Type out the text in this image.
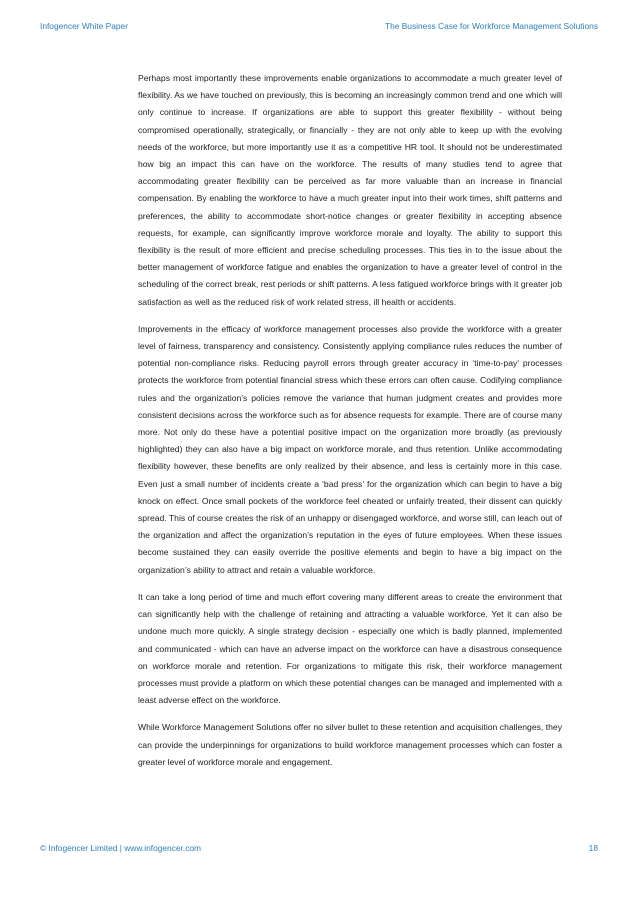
Infogencer White Paper	The Business Case for Workforce Management Solutions

Perhaps most importantly these improvements enable organizations to accommodate a much greater level of flexibility. As we have touched on previously, this is becoming an increasingly common trend and one which will only continue to increase. If organizations are able to support this greater flexibility - without being compromised operationally, strategically, or financially - they are not only able to keep up with the evolving needs of the workforce, but more importantly use it as a competitive HR tool. It should not be underestimated how big an impact this can have on the workforce. The results of many studies tend to agree that accommodating greater flexibility can be perceived as far more valuable than an increase in financial compensation. By enabling the workforce to have a much greater input into their work times, shift patterns and preferences, the ability to accommodate short-notice changes or greater flexibility in accepting absence requests, for example, can significantly improve workforce morale and loyalty. The ability to support this flexibility is the result of more efficient and precise scheduling processes. This ties in to the issue about the better management of workforce fatigue and enables the organization to have a greater level of control in the scheduling of the correct break, rest periods or shift patterns. A less fatigued workforce brings with it greater job satisfaction as well as the reduced risk of work related stress, ill health or accidents.

Improvements in the efficacy of workforce management processes also provide the workforce with a greater level of fairness, transparency and consistency. Consistently applying compliance rules reduces the number of potential non-compliance risks. Reducing payroll errors through greater accuracy in ‘time-to-pay’ processes protects the workforce from potential financial stress which these errors can often cause. Codifying compliance rules and the organization’s policies remove the variance that human judgment creates and provides more consistent decisions across the workforce such as for absence requests for example. There are of course many more. Not only do these have a potential positive impact on the organization more broadly (as previously highlighted) they can also have a big impact on workforce morale, and thus retention. Unlike accommodating flexibility however, these benefits are only realized by their absence, and less is certainly more in this case. Even just a small number of incidents create a ‘bad press’ for the organization which can begin to have a big knock on effect. Once small pockets of the workforce feel cheated or unfairly treated, their dissent can quickly spread. This of course creates the risk of an unhappy or disengaged workforce, and worse still, can leach out of the organization and affect the organization’s reputation in the eyes of future employees. When these issues become sustained they can easily override the positive elements and begin to have a big impact on the organization’s ability to attract and retain a valuable workforce.

It can take a long period of time and much effort covering many different areas to create the environment that can significantly help with the challenge of retaining and attracting a valuable workforce. Yet it can also be undone much more quickly. A single strategy decision - especially one which is badly planned, implemented and communicated - which can have an adverse impact on the workforce can have a disastrous consequence on workforce morale and retention. For organizations to mitigate this risk, their workforce management processes must provide a platform on which these potential changes can be managed and implemented with a least adverse effect on the workforce.

While Workforce Management Solutions offer no silver bullet to these retention and acquisition challenges, they can provide the underpinnings for organizations to build workforce management processes which can foster a greater level of workforce morale and engagement.

© Infogencer Limited | www.infogencer.com	18
